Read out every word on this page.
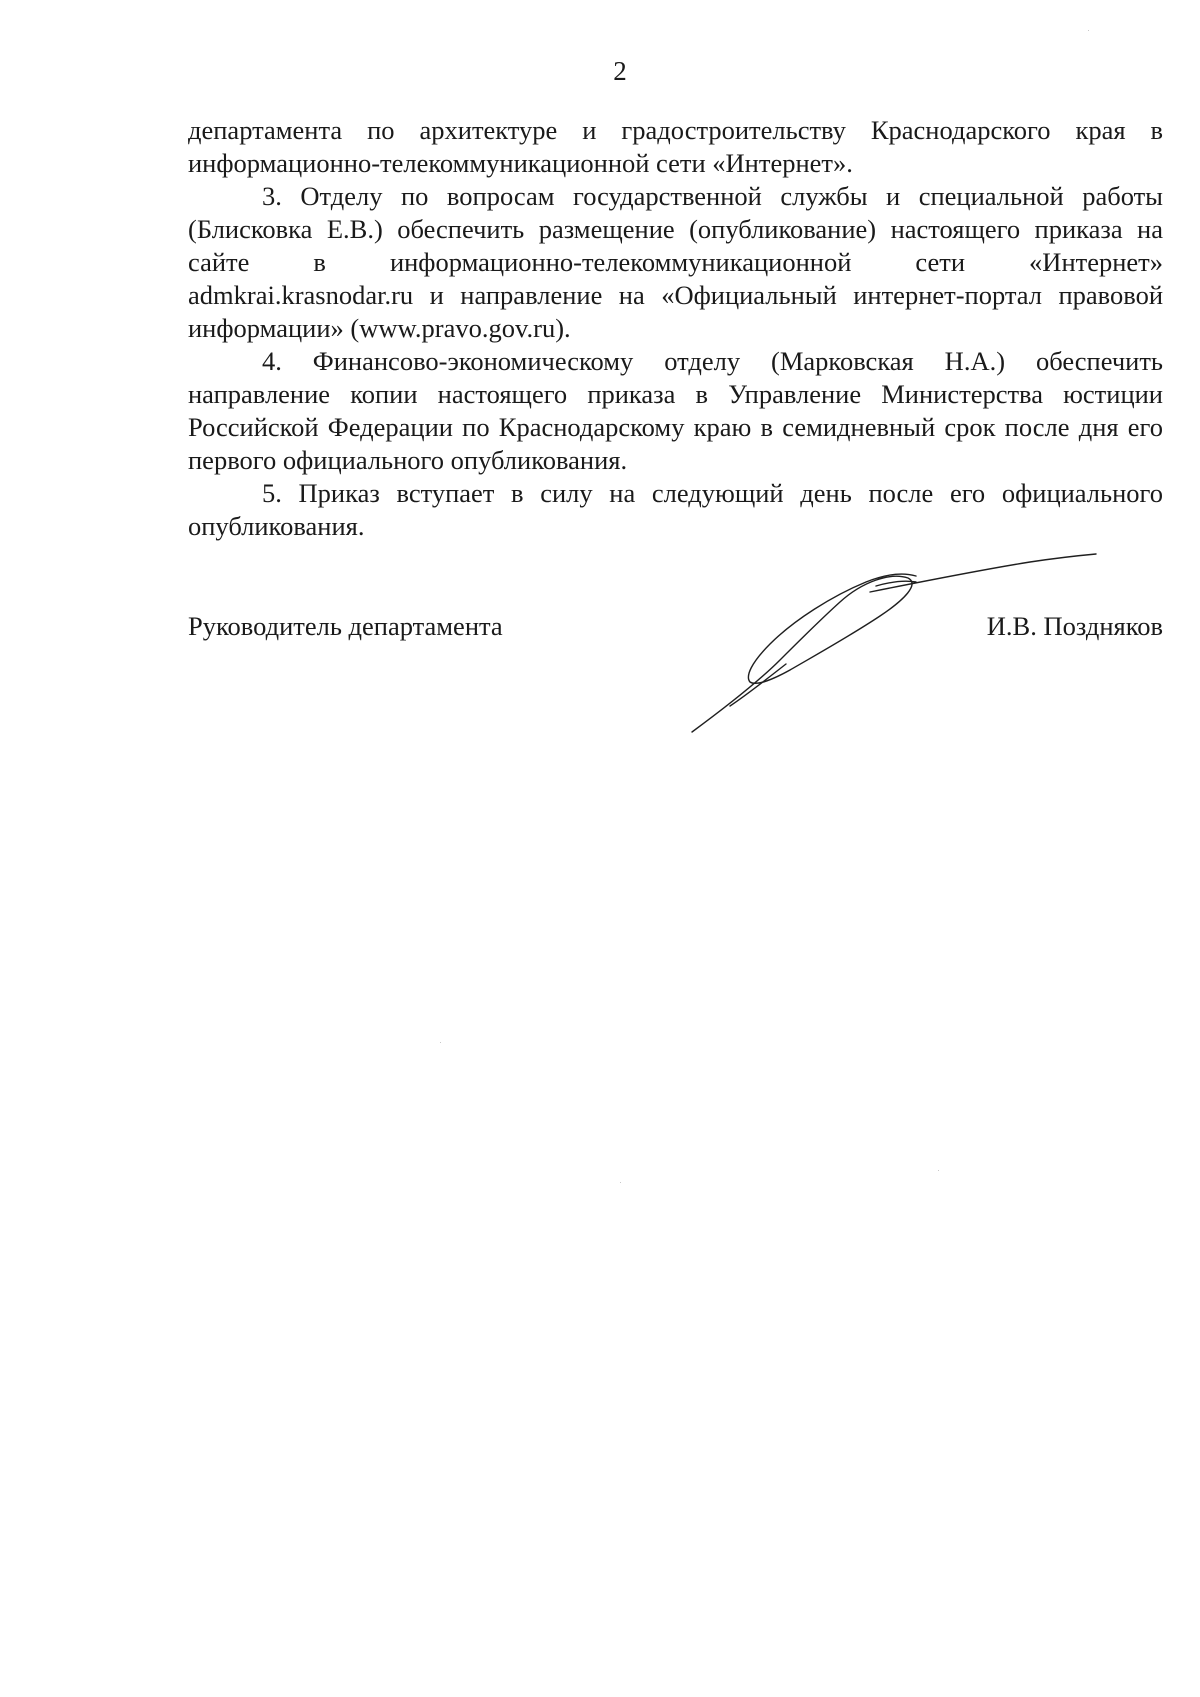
2

департамента по архитектуре и градостроительству Краснодарского края в информационно-телекоммуникационной сети «Интернет».

3. Отделу по вопросам государственной службы и специальной работы (Блисковка Е.В.) обеспечить размещение (опубликование) настоящего приказа на сайте в информационно-телекоммуникационной сети «Интернет» admkrai.krasnodar.ru и направление на «Официальный интернет-портал правовой информации» (www.pravo.gov.ru).

4. Финансово-экономическому отделу (Марковская Н.А.) обеспечить направление копии настоящего приказа в Управление Министерства юстиции Российской Федерации по Краснодарскому краю в семидневный срок после дня его первого официального опубликования.

5. Приказ вступает в силу на следующий день после его официального опубликования.

Руководитель департамента	И.В. Поздняков
